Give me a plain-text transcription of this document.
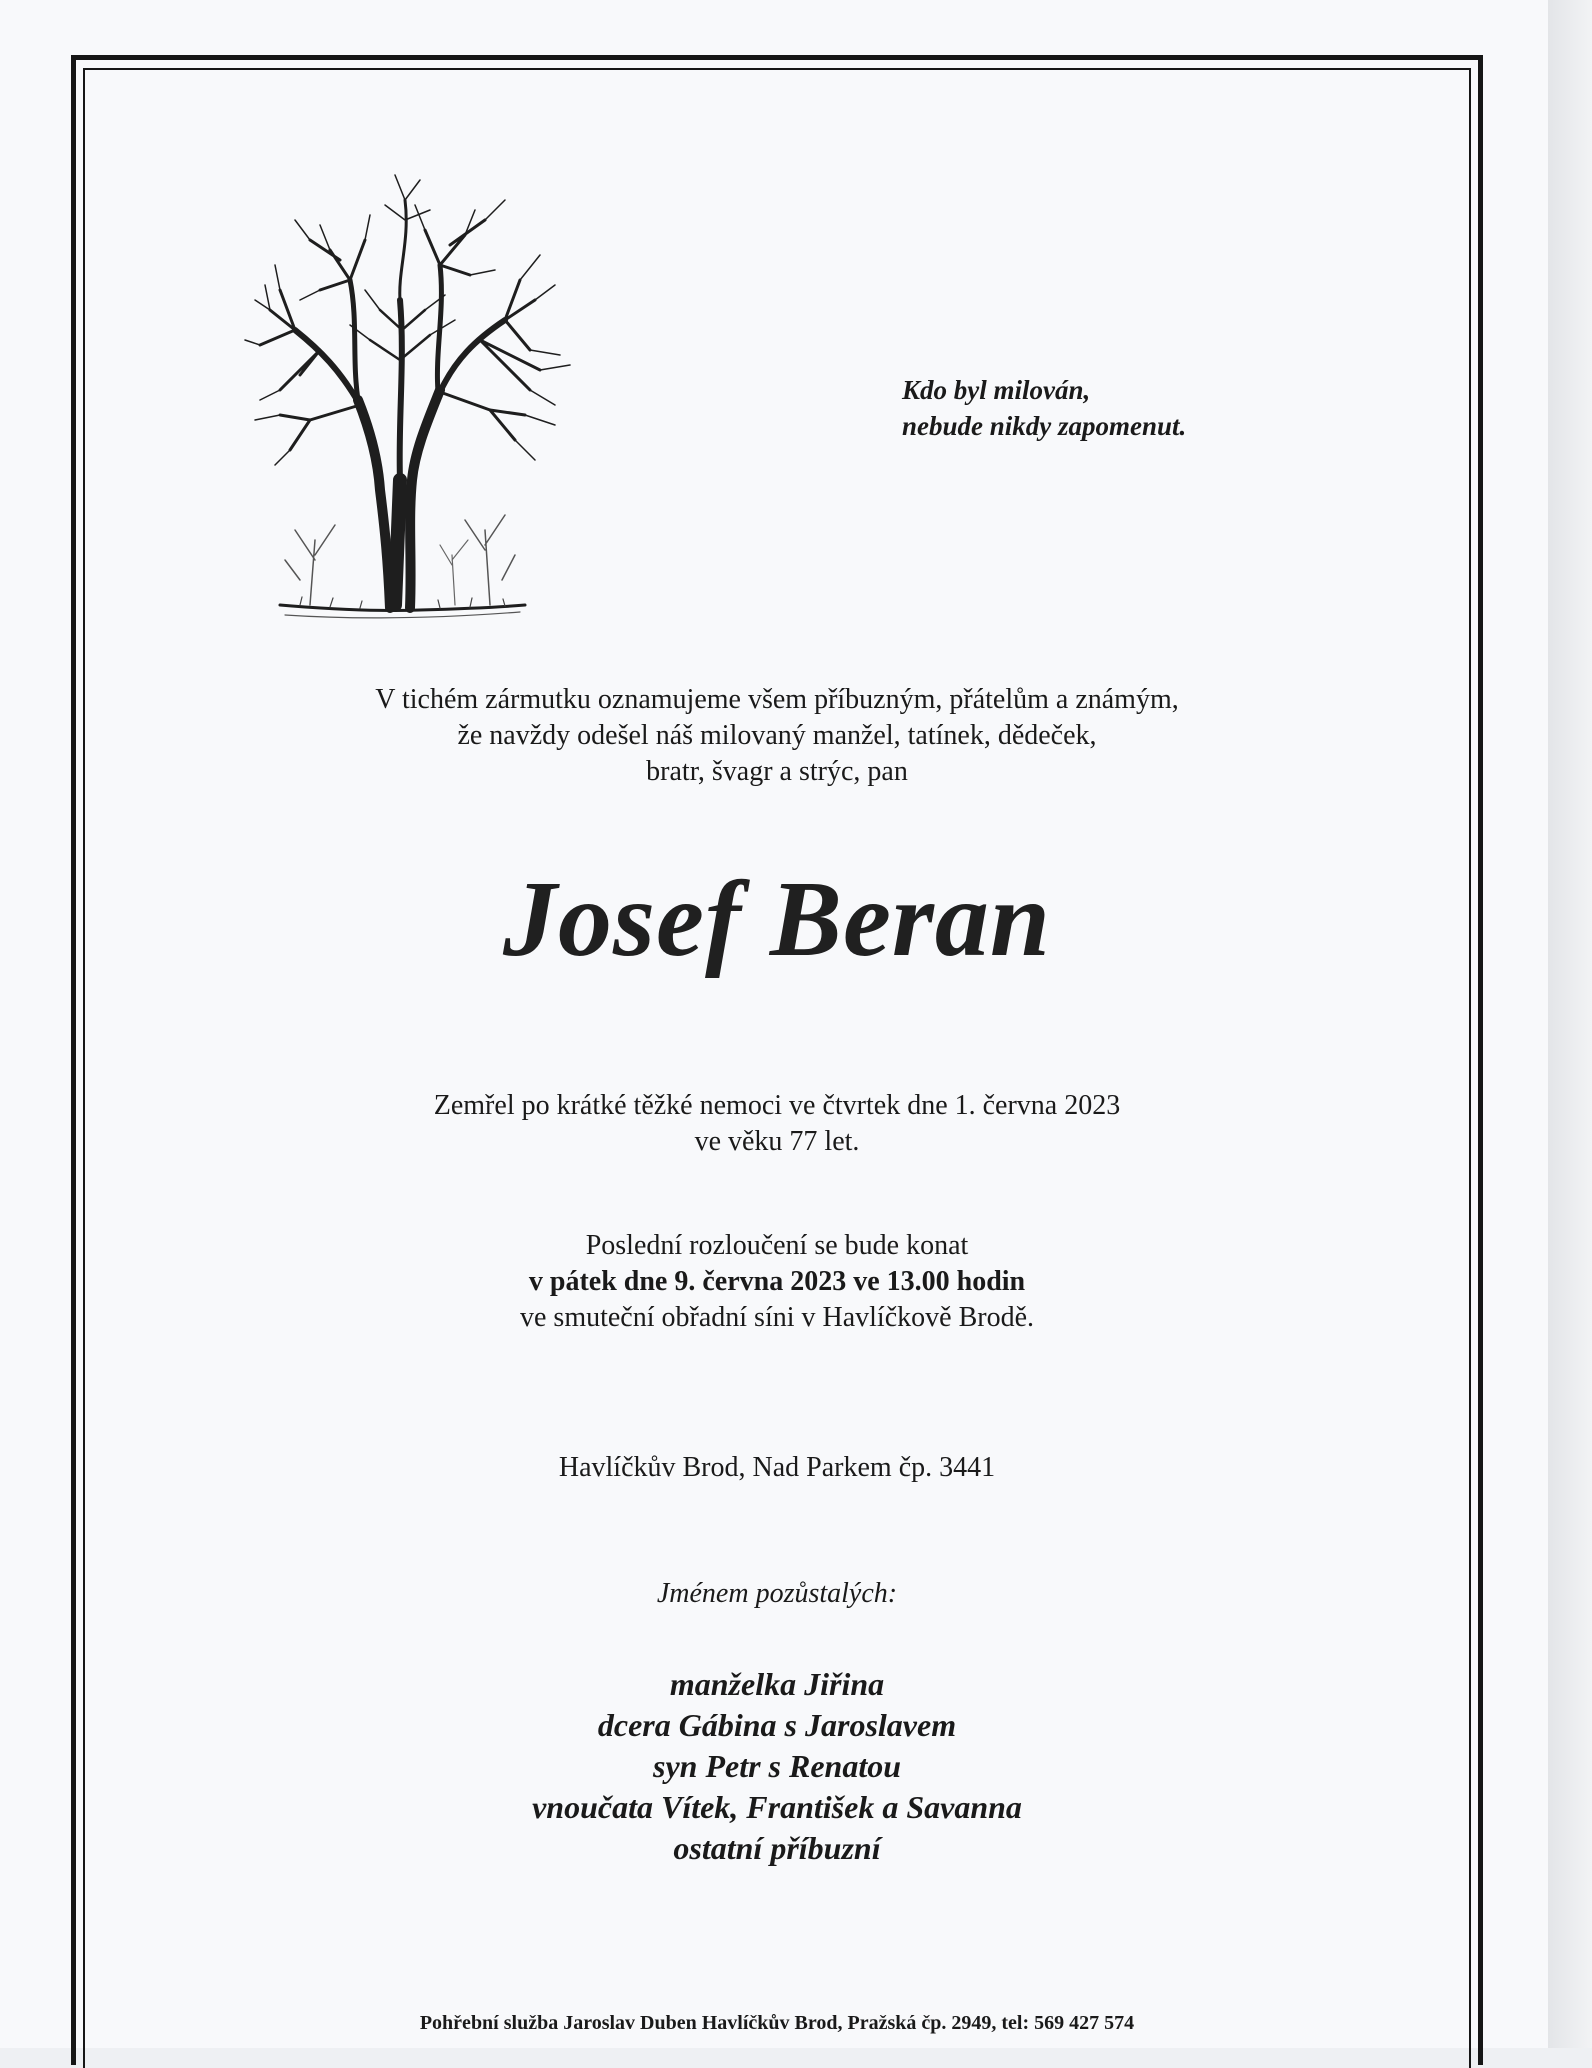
Kdo byl milován,
nebude nikdy zapomenut.
V tichém zármutku oznamujeme všem příbuzným, přátelům a známým,
že navždy odešel náš milovaný manžel, tatínek, dědeček,
bratr, švagr a strýc, pan
Josef Beran
Zemřel po krátké těžké nemoci ve čtvrtek dne 1. června 2023
ve věku 77 let.
Poslední rozloučení se bude konat
v pátek dne 9. června 2023 ve 13.00 hodin
ve smuteční obřadní síni v Havlíčkově Brodě.
Havlíčkův Brod, Nad Parkem čp. 3441
Jménem pozůstalých:
manželka Jiřina
dcera Gábina s Jaroslavem
syn Petr s Renatou
vnoučata Vítek, František a Savanna
ostatní příbuzní
Pohřební služba Jaroslav Duben Havlíčkův Brod, Pražská čp. 2949, tel: 569 427 574
